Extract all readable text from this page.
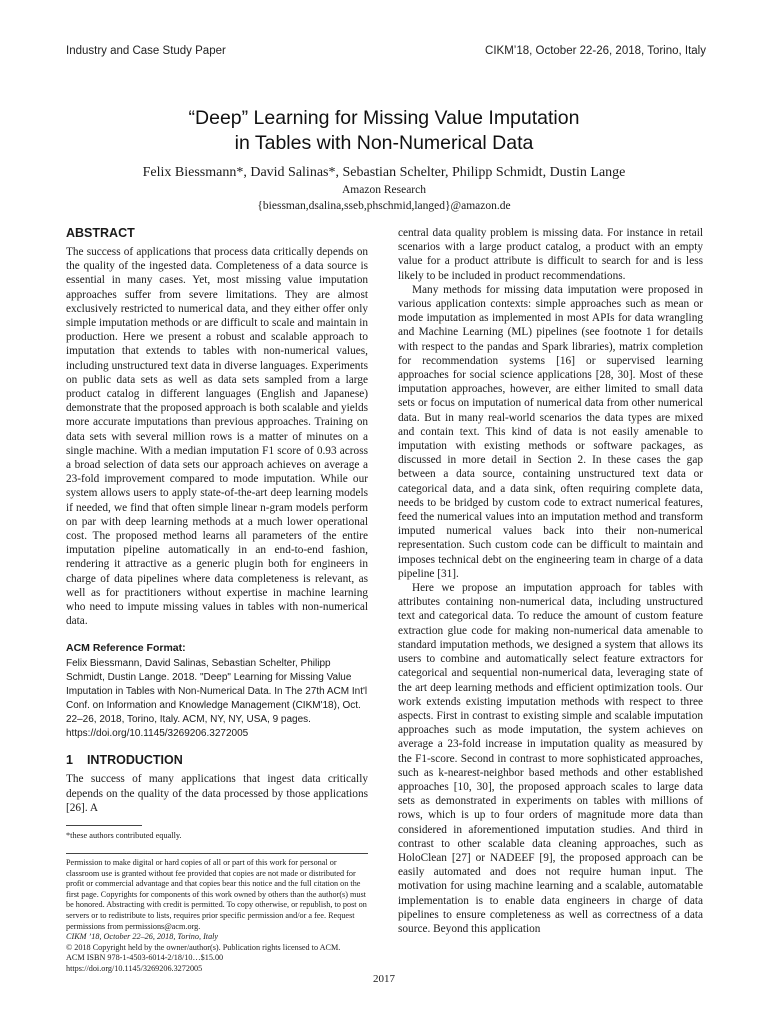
Industry and Case Study Paper	CIKM’18, October 22-26, 2018, Torino, Italy
“Deep” Learning for Missing Value Imputation
in Tables with Non-Numerical Data
Felix Biessmann*, David Salinas*, Sebastian Schelter, Philipp Schmidt, Dustin Lange
Amazon Research
{biessman,dsalina,sseb,phschmid,langed}@amazon.de
ABSTRACT

The success of applications that process data critically depends on the quality of the ingested data. Completeness of a data source is essential in many cases. Yet, most missing value imputation approaches suffer from severe limitations. They are almost exclusively restricted to numerical data, and they either offer only simple imputation methods or are difficult to scale and maintain in production. Here we present a robust and scalable approach to imputation that extends to tables with non-numerical values, including unstructured text data in diverse languages. Experiments on public data sets as well as data sets sampled from a large product catalog in different languages (English and Japanese) demonstrate that the proposed approach is both scalable and yields more accurate imputations than previous approaches. Training on data sets with several million rows is a matter of minutes on a single machine. With a median imputation F1 score of 0.93 across a broad selection of data sets our approach achieves on average a 23-fold improvement compared to mode imputation. While our system allows users to apply state-of-the-art deep learning models if needed, we find that often simple linear n-gram models perform on par with deep learning methods at a much lower operational cost. The proposed method learns all parameters of the entire imputation pipeline automatically in an end-to-end fashion, rendering it attractive as a generic plugin both for engineers in charge of data pipelines where data completeness is relevant, as well as for practitioners without expertise in machine learning who need to impute missing values in tables with non-numerical data.

ACM Reference Format:

Felix Biessmann, David Salinas, Sebastian Schelter, Philipp Schmidt, Dustin Lange. 2018. "Deep" Learning for Missing Value Imputation in Tables with Non-Numerical Data. In The 27th ACM Int'l Conf. on Information and Knowledge Management (CIKM'18), Oct. 22–26, 2018, Torino, Italy. ACM, NY, NY, USA, 9 pages. https://doi.org/10.1145/3269206.3272005

1 INTRODUCTION

The success of many applications that ingest data critically depends on the quality of the data processed by those applications [26]. A

*these authors contributed equally.
Permission to make digital or hard copies of all or part of this work for personal or classroom use is granted without fee provided that copies are not made or distributed for profit or commercial advantage and that copies bear this notice and the full citation on the first page. Copyrights for components of this work owned by others than the author(s) must be honored. Abstracting with credit is permitted. To copy otherwise, or republish, to post on servers or to redistribute to lists, requires prior specific permission and/or a fee. Request permissions from permissions@acm.org.
CIKM ’18, October 22–26, 2018, Torino, Italy
© 2018 Copyright held by the owner/author(s). Publication rights licensed to ACM.
ACM ISBN 978-1-4503-6014-2/18/10…$15.00
https://doi.org/10.1145/3269206.3272005

central data quality problem is missing data. For instance in retail scenarios with a large product catalog, a product with an empty value for a product attribute is difficult to search for and is less likely to be included in product recommendations.

Many methods for missing data imputation were proposed in various application contexts: simple approaches such as mean or mode imputation as implemented in most APIs for data wrangling and Machine Learning (ML) pipelines (see footnote 1 for details with respect to the pandas and Spark libraries), matrix completion for recommendation systems [16] or supervised learning approaches for social science applications [28, 30]. Most of these imputation approaches, however, are either limited to small data sets or focus on imputation of numerical data from other numerical data. But in many real-world scenarios the data types are mixed and contain text. This kind of data is not easily amenable to imputation with existing methods or software packages, as discussed in more detail in Section 2. In these cases the gap between a data source, containing unstructured text data or categorical data, and a data sink, often requiring complete data, needs to be bridged by custom code to extract numerical features, feed the numerical values into an imputation method and transform imputed numerical values back into their non-numerical representation. Such custom code can be difficult to maintain and imposes technical debt on the engineering team in charge of a data pipeline [31].

Here we propose an imputation approach for tables with attributes containing non-numerical data, including unstructured text and categorical data. To reduce the amount of custom feature extraction glue code for making non-numerical data amenable to standard imputation methods, we designed a system that allows its users to combine and automatically select feature extractors for categorical and sequential non-numerical data, leveraging state of the art deep learning methods and efficient optimization tools. Our work extends existing imputation methods with respect to three aspects. First in contrast to existing simple and scalable imputation approaches such as mode imputation, the system achieves on average a 23-fold increase in imputation quality as measured by the F1-score. Second in contrast to more sophisticated approaches, such as k-nearest-neighbor based methods and other established approaches [10, 30], the proposed approach scales to large data sets as demonstrated in experiments on tables with millions of rows, which is up to four orders of magnitude more data than considered in aforementioned imputation studies. And third in contrast to other scalable data cleaning approaches, such as HoloClean [27] or NADEEF [9], the proposed approach can be easily automated and does not require human input. The motivation for using machine learning and a scalable, automatable implementation is to enable data engineers in charge of data pipelines to ensure completeness as well as correctness of a data source. Beyond this application

2017
